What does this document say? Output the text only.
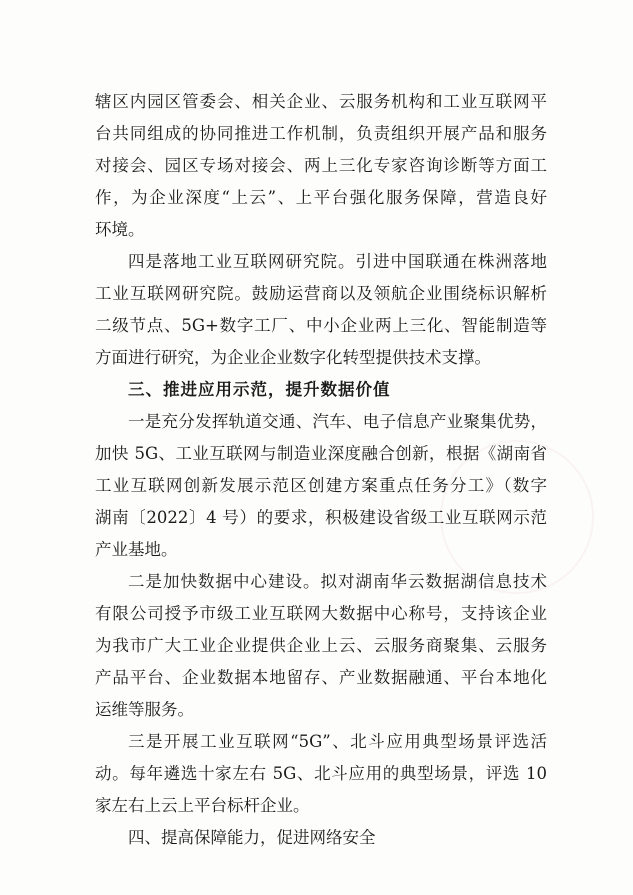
辖区内园区管委会、相关企业、云服务机构和工业互联网平
台共同组成的协同推进工作机制，负责组织开展产品和服务
对接会、园区专场对接会、两上三化专家咨询诊断等方面工
作，为企业深度“上云”、上平台强化服务保障，营造良好
环境。
四是落地工业互联网研究院。引进中国联通在株洲落地
工业互联网研究院。鼓励运营商以及领航企业围绕标识解析
二级节点、5G+数字工厂、中小企业两上三化、智能制造等
方面进行研究，为企业企业数字化转型提供技术支撑。
三、推进应用示范，提升数据价值
一是充分发挥轨道交通、汽车、电子信息产业聚集优势，
加快 5G、工业互联网与制造业深度融合创新，根据《湖南省
工业互联网创新发展示范区创建方案重点任务分工》（数字
湖南〔2022〕4 号）的要求，积极建设省级工业互联网示范
产业基地。
二是加快数据中心建设。拟对湖南华云数据湖信息技术
有限公司授予市级工业互联网大数据中心称号，支持该企业
为我市广大工业企业提供企业上云、云服务商聚集、云服务
产品平台、企业数据本地留存、产业数据融通、平台本地化
运维等服务。
三是开展工业互联网“5G”、北斗应用典型场景评选活
动。每年遴选十家左右 5G、北斗应用的典型场景，评选 10
家左右上云上平台标杆企业。
四、提高保障能力，促进网络安全
